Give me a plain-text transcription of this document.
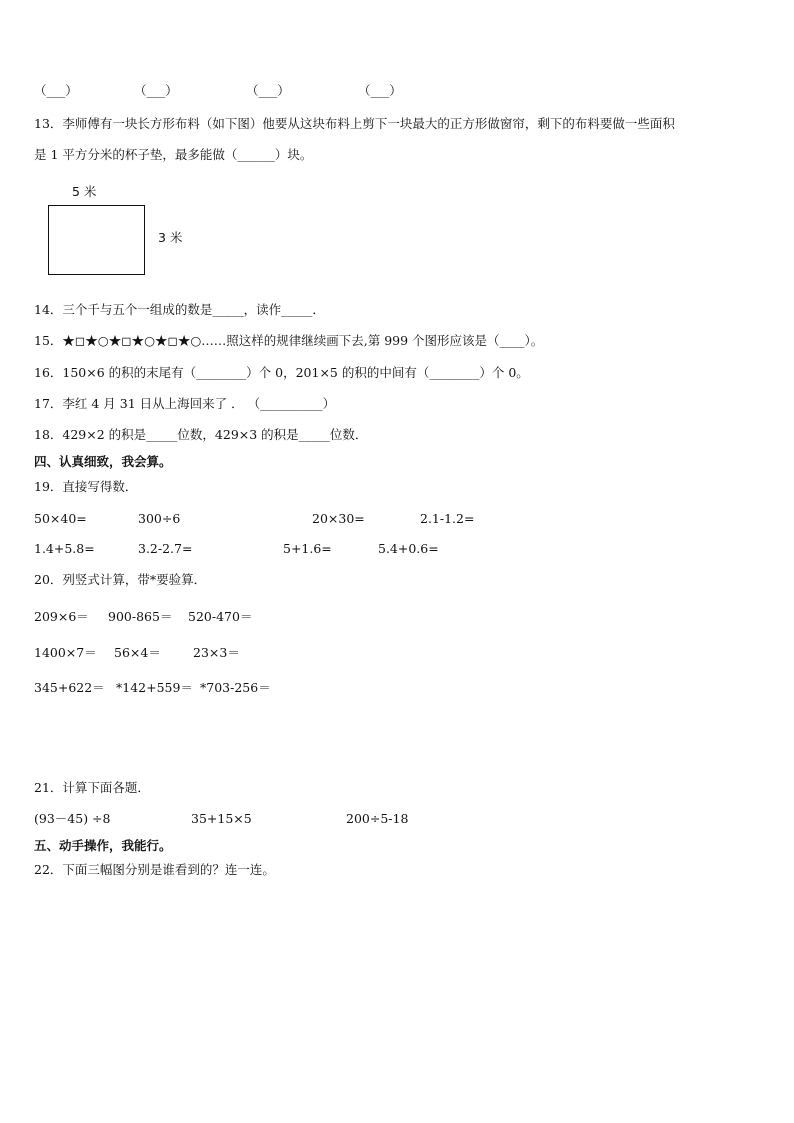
（___）	（___）	（___）	（___）
13．李师傅有一块长方形布料（如下图）他要从这块布料上剪下一块最大的正方形做窗帘，剩下的布料要做一些面积
是 1 平方分米的杯子垫，最多能做（______）块。
5 米
3 米
14．三个千与五个一组成的数是_____，读作_____．
15．★◻★○★◻★○★◻★○……照这样的规律继续画下去,第 999 个图形应该是（____）。
16．150×6 的积的末尾有（________）个 0，201×5 的积的中间有（________）个 0。
17．李红 4 月 31 日从上海回来了 ． （__________）
18．429×2 的积是_____位数，429×3 的积是_____位数．
四、认真细致，我会算。
19．直接写得数．
50×40=	300÷6	20×30=	2.1-1.2=
1.4+5.8=	3.2-2.7=	5+1.6=	5.4+0.6=
20．列竖式计算，带*要验算．
209×6＝ 900-865＝ 520-470＝
1400×7＝ 56×4＝	23×3＝
345+622＝ *142+559＝ *703-256＝
21．计算下面各题．
(93－45) ÷8	35+15×5	200÷5-18
五、动手操作，我能行。
22．下面三幅图分别是谁看到的？连一连。
